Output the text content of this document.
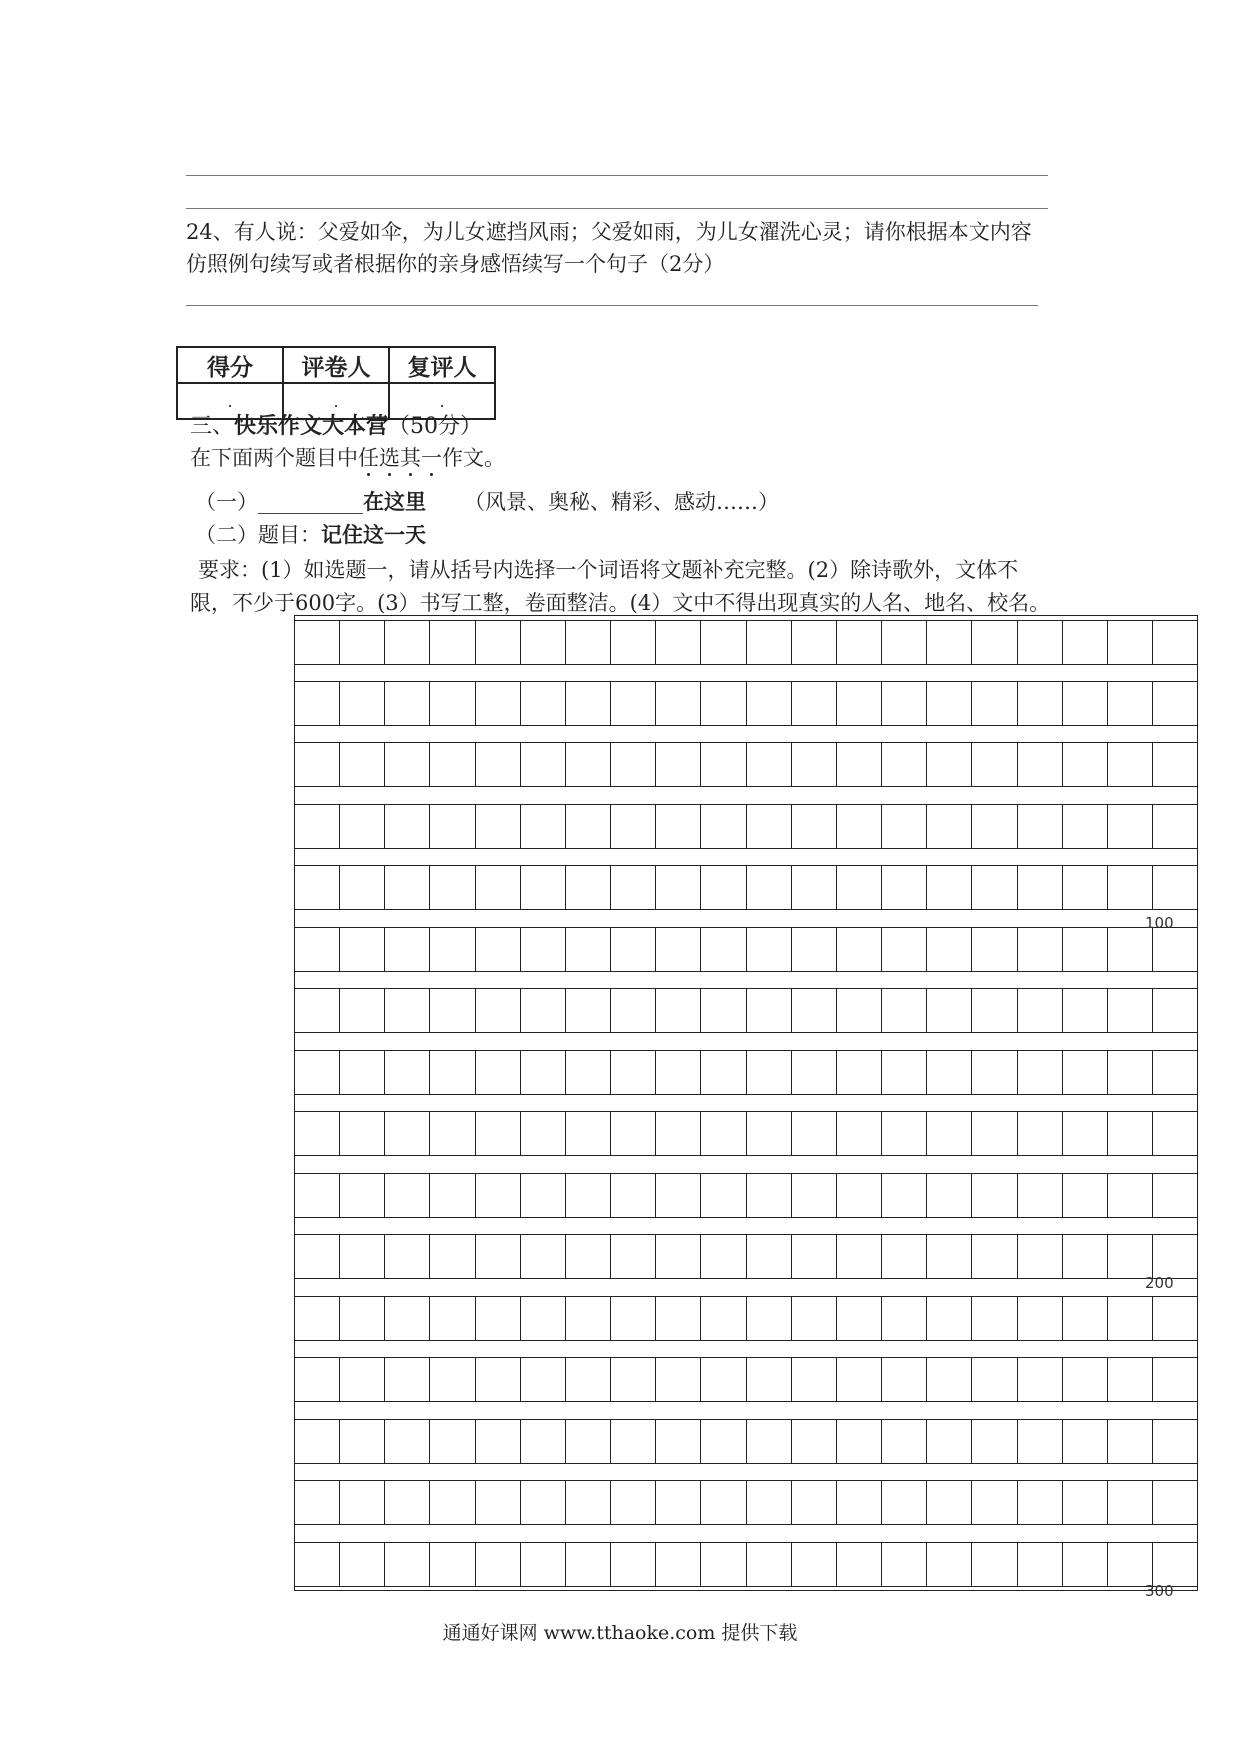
24、有人说：父爱如伞，为儿女遮挡风雨；父爱如雨，为儿女濯洗心灵；请你根据本文内容
仿照例句续写或者根据你的亲身感悟续写一个句子（2分）
得分	评卷人	复评人
.	.	.
三、快乐作文大本营（50分）
在下面两个题目中任
选
其
一
作文。
（一）__________在这里 （风景、奥秘、精彩、感动……）
（二）题目：记住这一天
要求：(1）如选题一，请从括号内选择一个词语将文题补充完整。(2）除诗歌外，文体不
限，不少于600字。(3）书写工整，卷面整洁。(4）文中不得出现真实的人名、地名、校名。
100
200
300
通通好课网 www.tthaoke.com 提供下载
